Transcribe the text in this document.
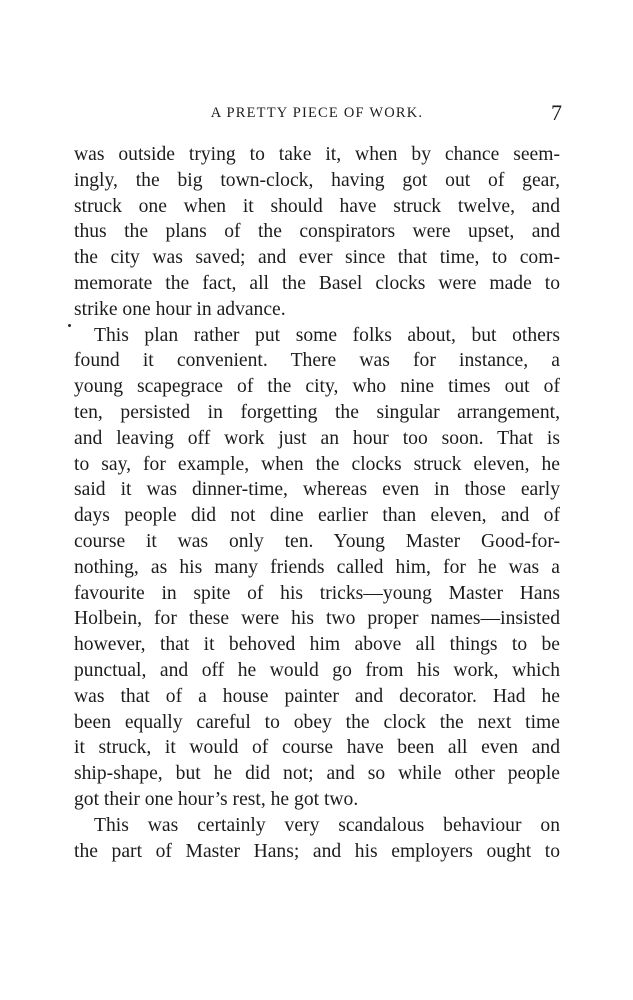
A PRETTY PIECE OF WORK.	7
was outside trying to take it, when by chance seem-
ingly, the big town-clock, having got out of gear,
struck one when it should have struck twelve, and
thus the plans of the conspirators were upset, and
the city was saved; and ever since that time, to com-
memorate the fact, all the Basel clocks were made to
strike one hour in advance.
This plan rather put some folks about, but others
found it convenient. There was for instance, a
young scapegrace of the city, who nine times out of
ten, persisted in forgetting the singular arrangement,
and leaving off work just an hour too soon. That is
to say, for example, when the clocks struck eleven, he
said it was dinner-time, whereas even in those early
days people did not dine earlier than eleven, and of
course it was only ten. Young Master Good-for-
nothing, as his many friends called him, for he was a
favourite in spite of his tricks—young Master Hans
Holbein, for these were his two proper names—insisted
however, that it behoved him above all things to be
punctual, and off he would go from his work, which
was that of a house painter and decorator. Had he
been equally careful to obey the clock the next time
it struck, it would of course have been all even and
ship-shape, but he did not; and so while other people
got their one hour’s rest, he got two.
This was certainly very scandalous behaviour on
the part of Master Hans; and his employers ought to
